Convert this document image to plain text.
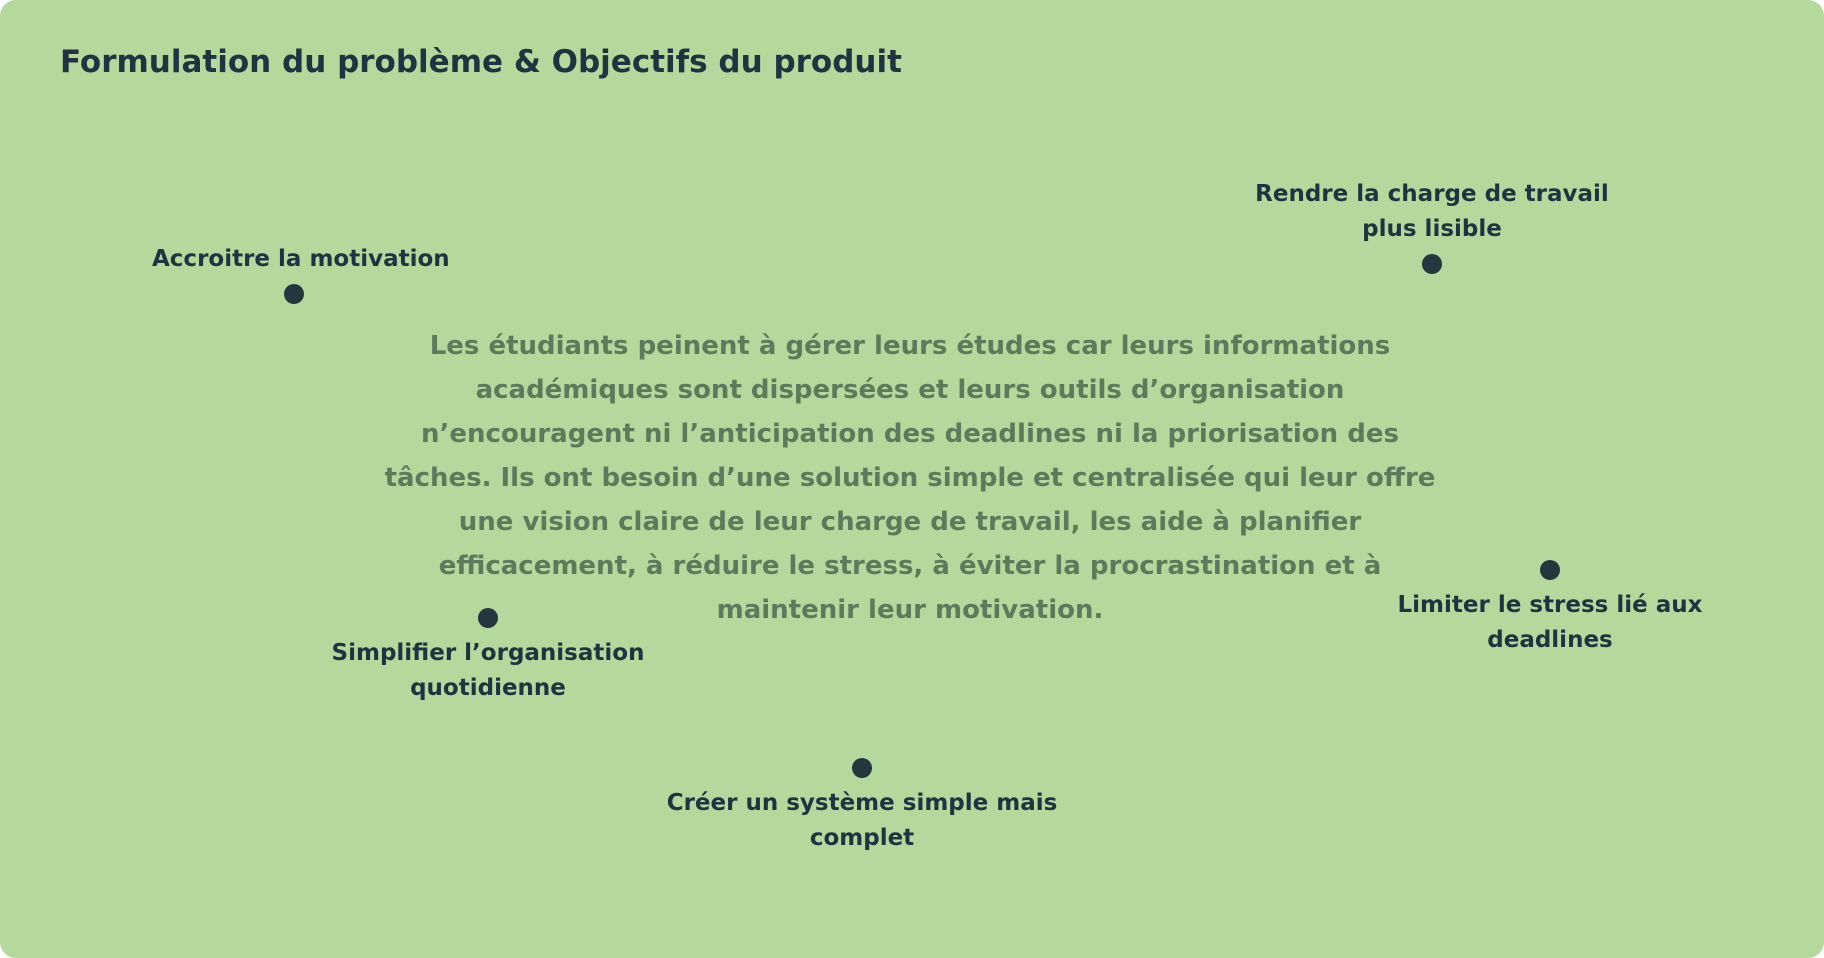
Formulation du problème & Objectifs du produit
Accroitre la motivation
Rendre la charge de travail
plus lisible

Les étudiants peinent à gérer leurs études car leurs informations académiques sont dispersées et leurs outils d’organisation n’encouragent ni l’anticipation des deadlines ni la priorisation des tâches. Ils ont besoin d’une solution simple et centralisée qui leur offre une vision claire de leur charge de travail, les aide à planifier efficacement, à réduire le stress, à éviter la procrastination et à maintenir leur motivation.

Simplifier l’organisation
quotidienne
Limiter le stress lié aux
deadlines
Créer un système simple mais
complet
